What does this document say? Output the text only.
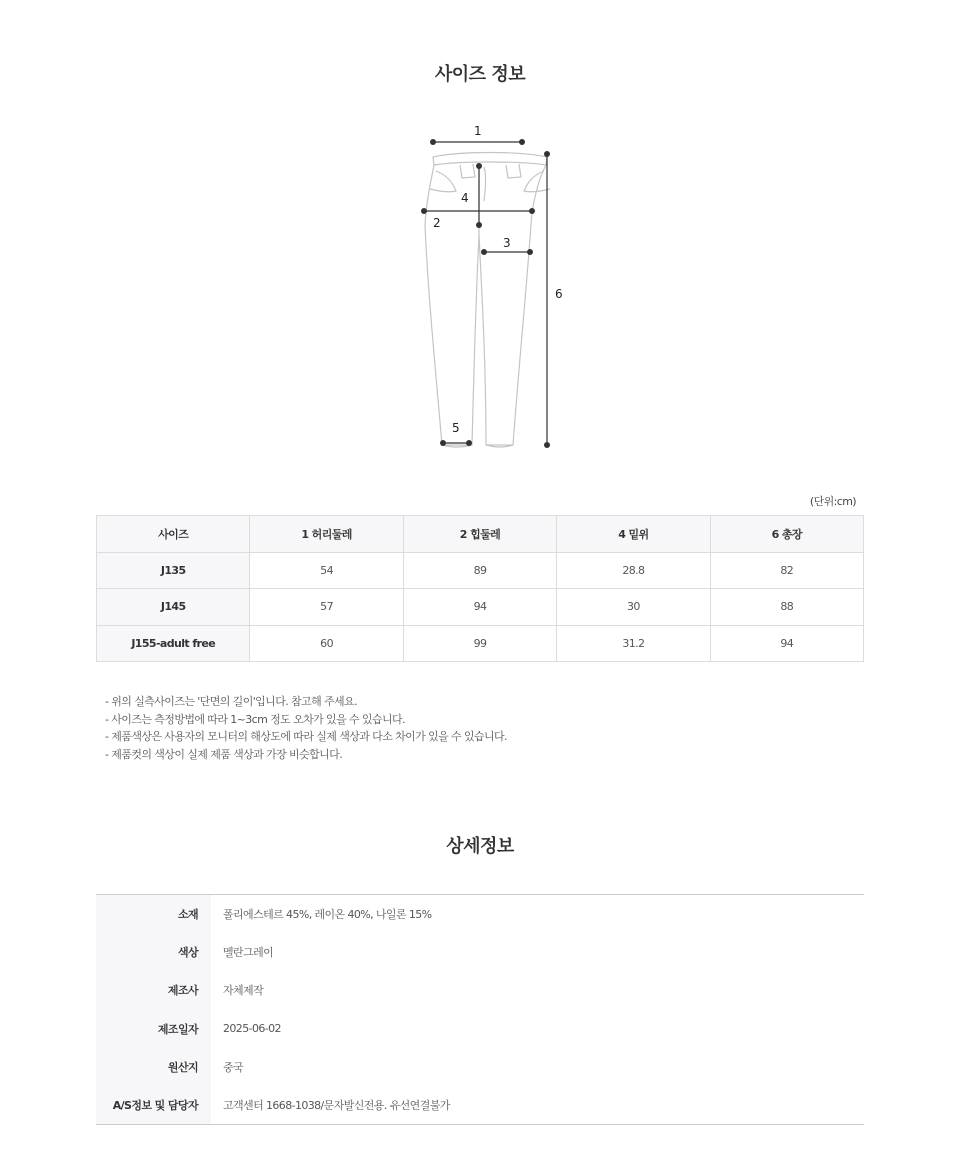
사이즈 정보
1
2
3
4
5
6
(단위:cm)
사이즈	1 허리둘레	2 힙둘레	4 밑위	6 총장
J135	54	89	28.8	82
J145	57	94	30	88
J155-adult free	60	99	31.2	94
- 위의 실측사이즈는 '단면의 길이'입니다. 참고해 주세요.
- 사이즈는 측정방법에 따라 1~3cm 정도 오차가 있을 수 있습니다.
- 제품색상은 사용자의 모니터의 해상도에 따라 실제 색상과 다소 차이가 있을 수 있습니다.
- 제품컷의 색상이 실제 제품 색상과 가장 비슷합니다.
상세정보
소재	폴리에스테르 45%, 레이온 40%, 나일론 15%
색상	멜란그레이
제조사	자체제작
제조일자	2025-06-02
원산지	중국
A/S정보 및 담당자	고객센터 1668-1038/문자발신전용. 유선연결불가
